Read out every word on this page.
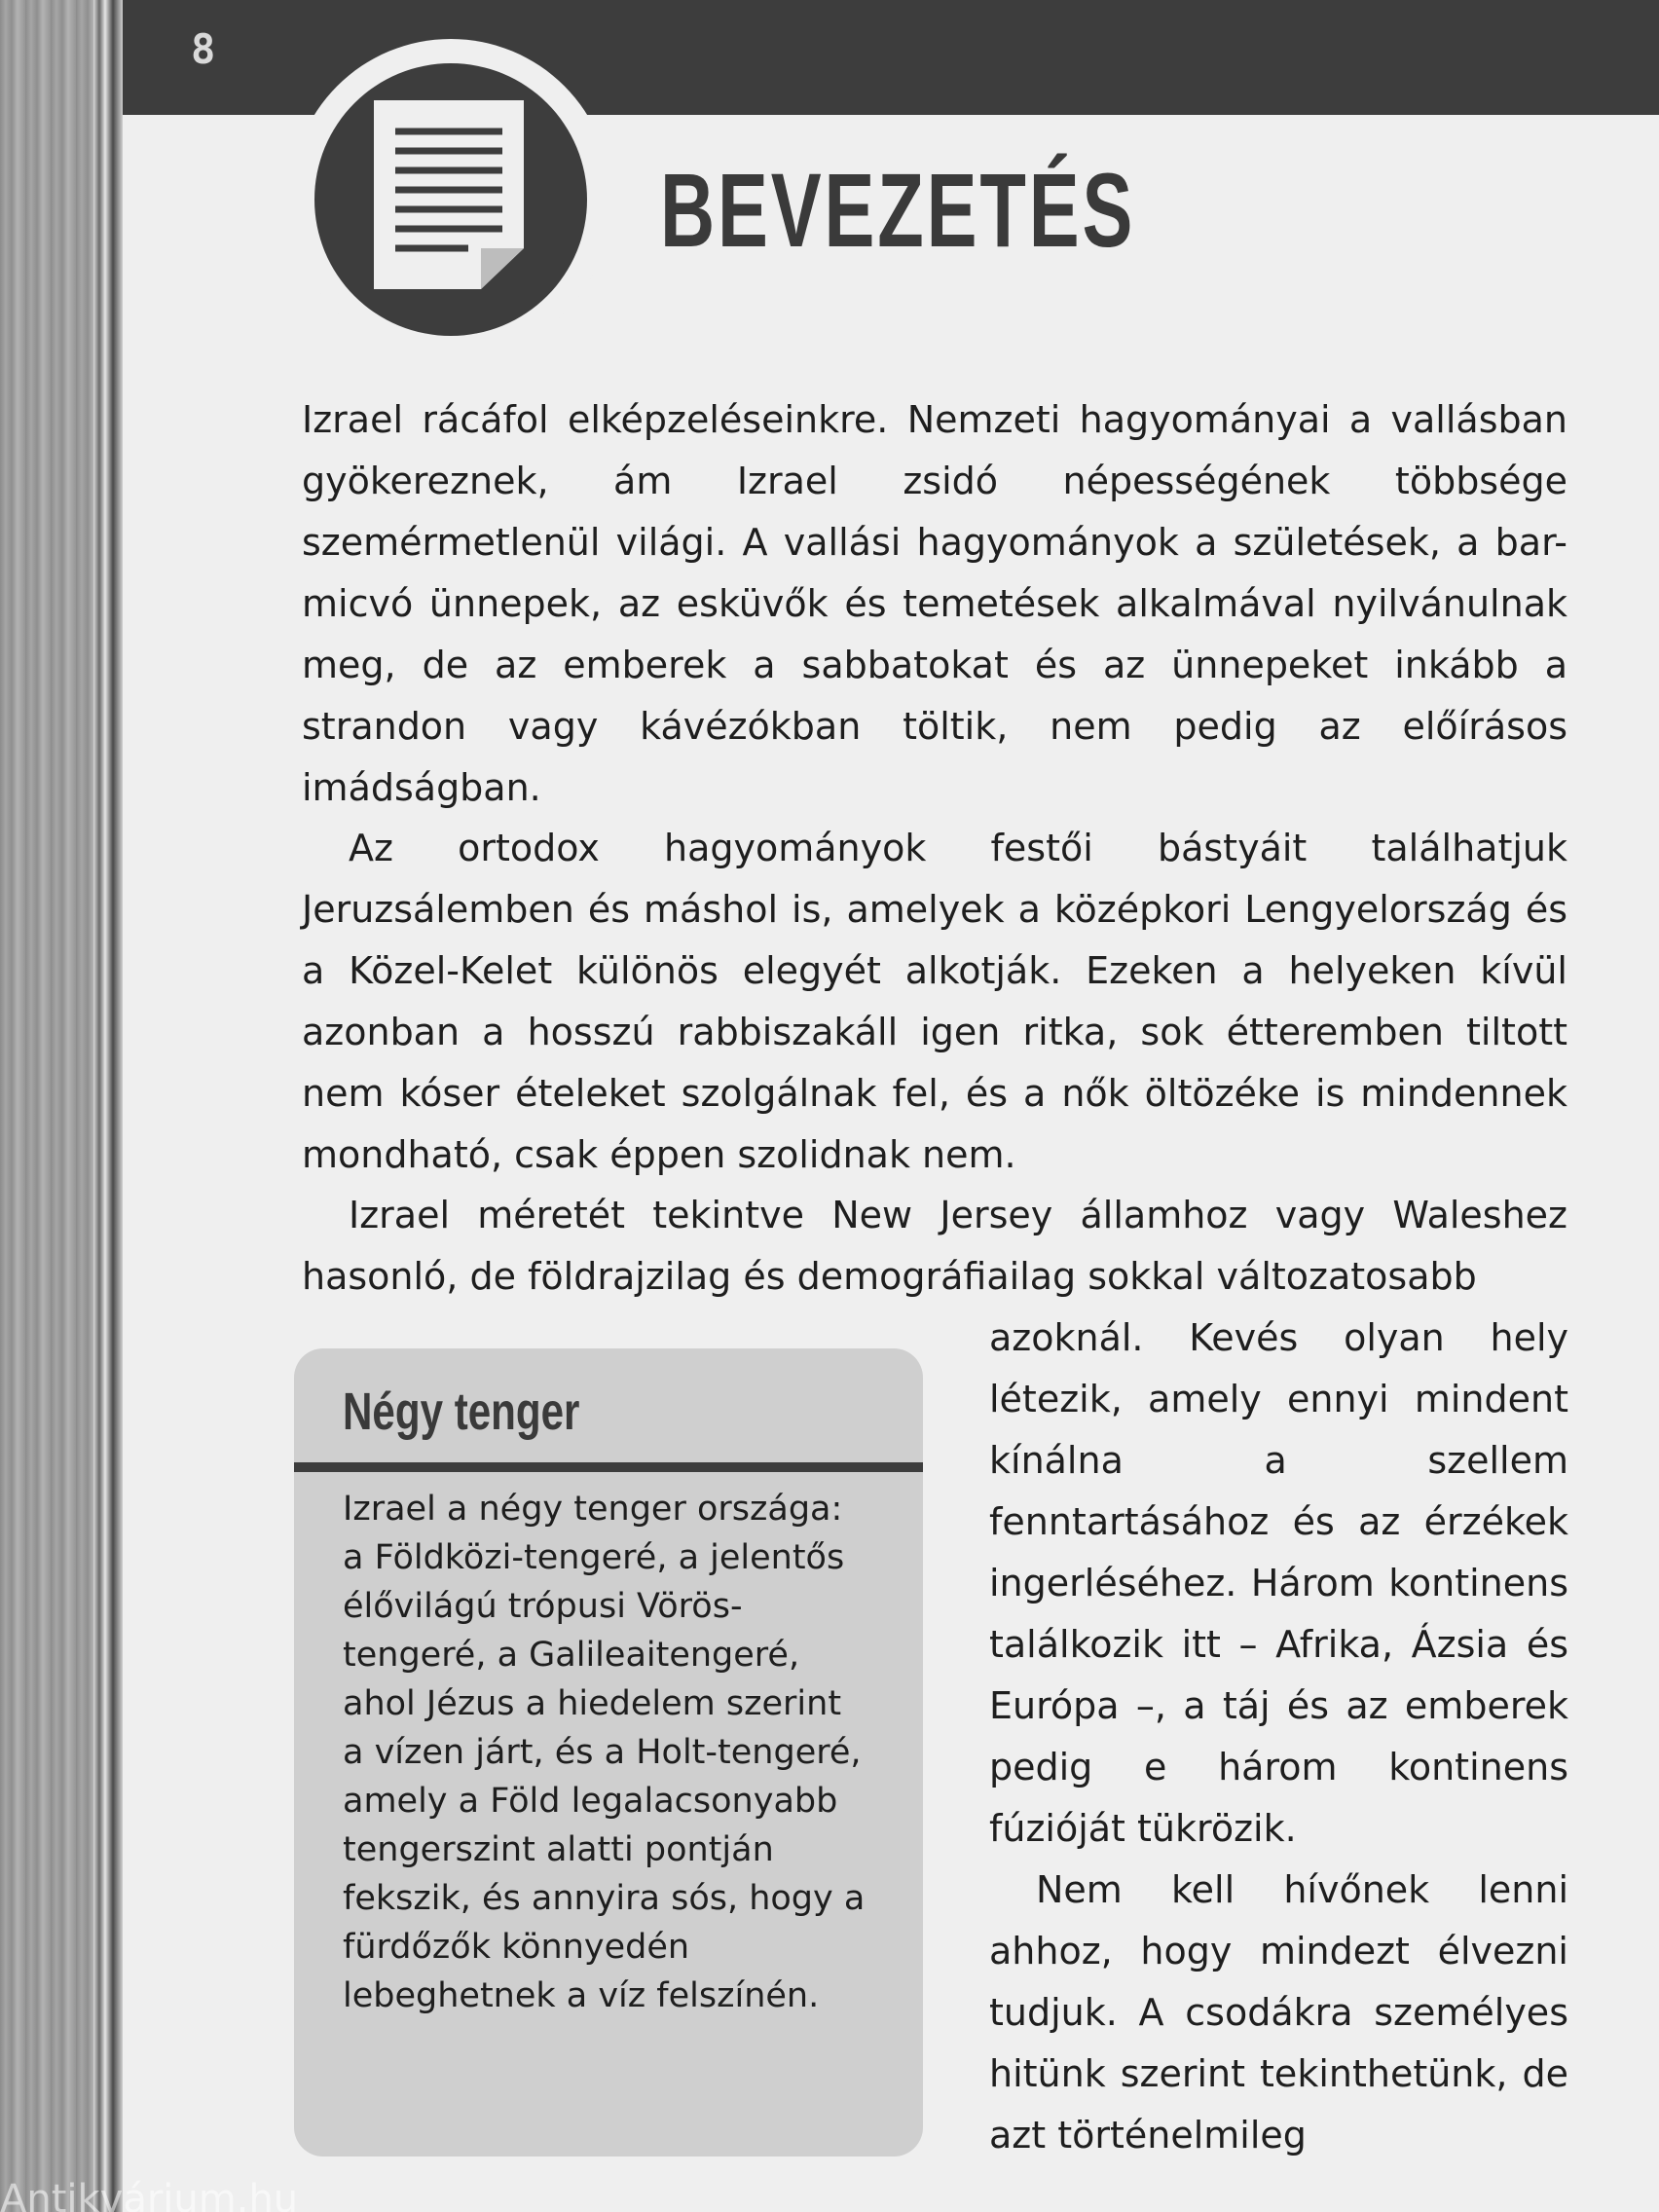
8
BEVEZETÉS

Izrael rácáfol elképzeléseinkre. Nemzeti hagyományai a vallásban gyökereznek, ám Izrael zsidó népességének többsége szemérmetlenül világi. A vallási hagyományok a születések, a bar-micvó ünnepek, az esküvők és temetések alkalmával nyilvánulnak meg, de az emberek a sabbatokat és az ünnepeket inkább a strandon vagy kávézókban töltik, nem pedig az előírásos imádságban.

Az ortodox hagyományok festői bástyáit találhatjuk Jeruzsálemben és máshol is, amelyek a középkori Lengyelország és a Közel-Kelet különös elegyét alkotják. Ezeken a helyeken kívül azonban a hosszú rabbiszakáll igen ritka, sok étteremben tiltott nem kóser ételeket szolgálnak fel, és a nők öltözéke is mindennek mondható, csak éppen szolidnak nem.

Izrael méretét tekintve New Jersey államhoz vagy Waleshez hasonló, de földrajzilag és demográfiailag sokkal változatosabb

azoknál. Kevés olyan hely létezik, amely ennyi mindent kínálna a szellem fenntartásához és az érzékek ingerléséhez. Három kontinens találkozik itt – Afrika, Ázsia és Európa –, a táj és az emberek pedig e három kontinens fúzióját tükrözik.

Nem kell hívőnek lenni ahhoz, hogy mindezt élvezni tudjuk. A csodákra személyes hitünk szerint tekinthetünk, de azt történelmileg

Négy tenger

Izrael a négy tenger országa: a Földközi-tengeré, a jelentős élővilágú trópusi Vörös-tengeré, a Galileaitengeré, ahol Jézus a hiedelem szerint a vízen járt, és a Holt-tengeré, amely a Föld legalacsonyabb tengerszint alatti pontján fekszik, és annyira sós, hogy a fürdőzők könnyedén lebeghetnek a víz felszínén.

Antikvárium.hu
